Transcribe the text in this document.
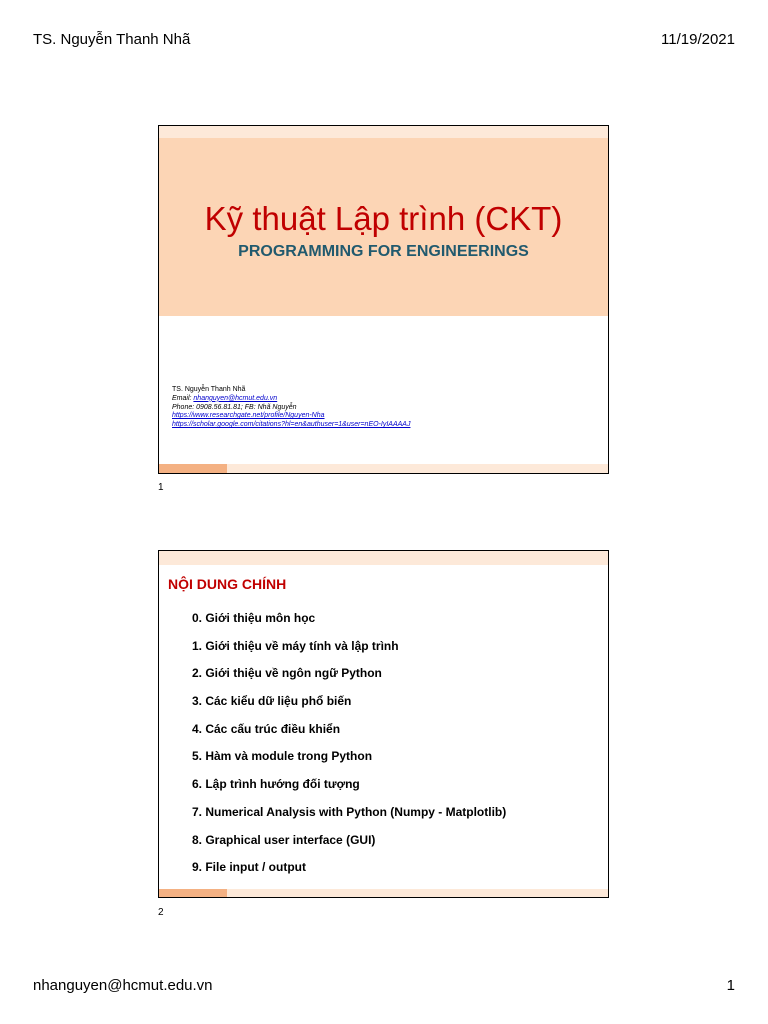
TS. Nguyễn Thanh Nhã	11/19/2021
Kỹ thuật Lập trình (CKT)
PROGRAMMING FOR ENGINEERINGS
TS. Nguyễn Thanh Nhã
Email: nhanguyen@hcmut.edu.vn
Phone: 0908.56.81.81; FB: Nhã Nguyễn
https://www.researchgate.net/profile/Nguyen-Nha
https://scholar.google.com/citations?hl=en&authuser=1&user=nEO-IyIAAAAJ
1
NỘI DUNG CHÍNH
0. Giới thiệu môn học
1. Giới thiệu về máy tính và lập trình
2. Giới thiệu về ngôn ngữ Python
3. Các kiểu dữ liệu phổ biến
4. Các cấu trúc điều khiển
5. Hàm và module trong Python
6. Lập trình hướng đối tượng
7. Numerical Analysis with Python (Numpy - Matplotlib)
8. Graphical user interface (GUI)
9. File input / output
2
nhanguyen@hcmut.edu.vn	1
